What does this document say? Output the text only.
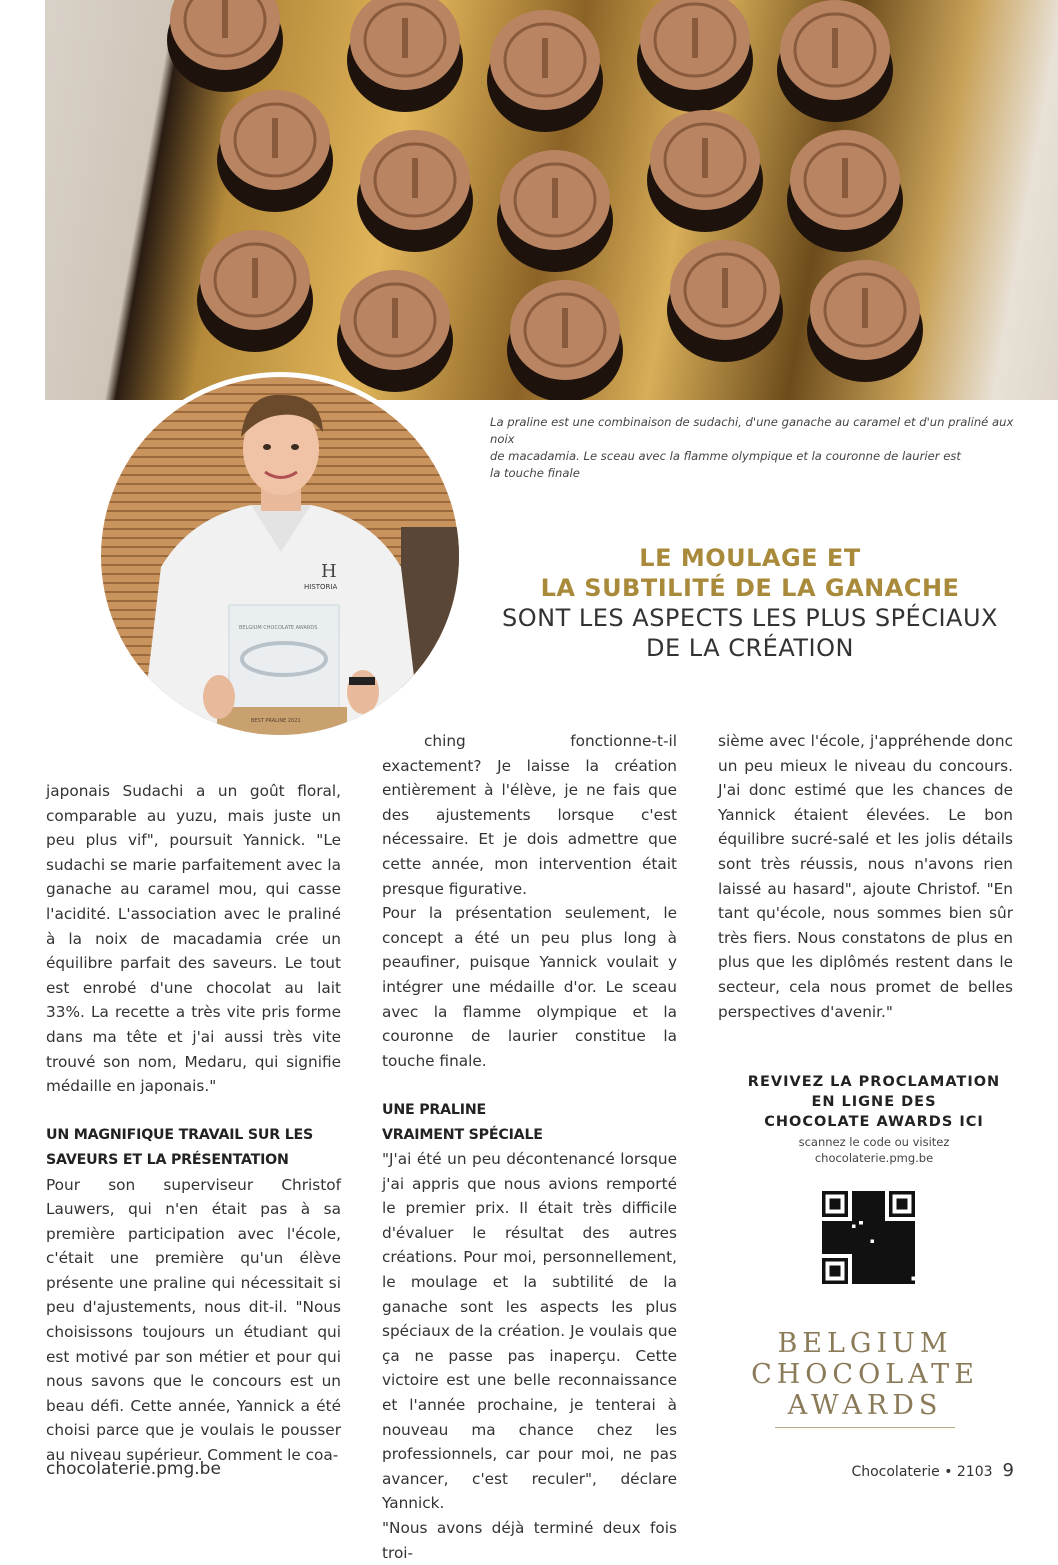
La praline est une combinaison de sudachi, d'une ganache au caramel et d'un praliné aux noix
de macadamia. Le sceau avec la flamme olympique et la couronne de laurier est
la touche finale
H
HISTORIA
BELGIUM CHOCOLATE AWARDS
BEST PRALINE 2021
LE MOULAGE ET
LA SUBTILITÉ DE LA GANACHE
SONT LES ASPECTS LES PLUS SPÉCIAUX
DE LA CRÉATION

japonais Sudachi a un goût floral, comparable au yuzu, mais juste un peu plus vif", poursuit Yannick. "Le sudachi se marie parfaitement avec la ganache au caramel mou, qui casse l'acidité. L'association avec le praliné à la noix de macadamia crée un équilibre parfait des saveurs. Le tout est enrobé d'une chocolat au lait 33%. La recette a très vite pris forme dans ma tête et j'ai aussi très vite trouvé son nom, Medaru, qui signifie médaille en japonais."

UN MAGNIFIQUE TRAVAIL SUR LES
SAVEURS ET LA PRÉSENTATION

Pour son superviseur Christof Lauwers, qui n'en était pas à sa première participation avec l'école, c'était une première qu'un élève présente une praline qui nécessitait si peu d'ajustements, nous dit-il. "Nous choisissons toujours un étudiant qui est motivé par son métier et pour qui nous savons que le concours est un beau défi. Cette année, Yannick a été choisi parce que je voulais le pousser au niveau supérieur. Comment le coa-

ching fonctionne-t-il exactement? Je laisse la création entièrement à l'élève, je ne fais que des ajustements lorsque c'est nécessaire. Et je dois admettre que cette année, mon intervention était presque figurative.

Pour la présentation seulement, le concept a été un peu plus long à peaufiner, puisque Yannick voulait y intégrer une médaille d'or. Le sceau avec la flamme olympique et la couronne de laurier constitue la touche finale.

UNE PRALINE
VRAIMENT SPÉCIALE

"J'ai été un peu décontenancé lorsque j'ai appris que nous avions remporté le premier prix. Il était très difficile d'évaluer le résultat des autres créations. Pour moi, personnellement, le moulage et la subtilité de la ganache sont les aspects les plus spéciaux de la création. Je voulais que ça ne passe pas inaperçu. Cette victoire est une belle reconnaissance et l'année prochaine, je tenterai à nouveau ma chance chez les professionnels, car pour moi, ne pas avancer, c'est reculer", déclare Yannick.

"Nous avons déjà terminé deux fois troi-

sième avec l'école, j'appréhende donc un peu mieux le niveau du concours. J'ai donc estimé que les chances de Yannick étaient élevées. Le bon équilibre sucré-salé et les jolis détails sont très réussis, nous n'avons rien laissé au hasard", ajoute Christof. "En tant qu'école, nous sommes bien sûr très fiers. Nous constatons de plus en plus que les diplômés restent dans le secteur, cela nous promet de belles perspectives d'avenir."

REVIVEZ LA PROCLAMATION
EN LIGNE DES
CHOCOLATE AWARDS ICI
scannez le code ou visitez
chocolaterie.pmg.be
BELGIUM
CHOCOLATE
AWARDS
chocolaterie.pmg.be	Chocolaterie • 2103 9
